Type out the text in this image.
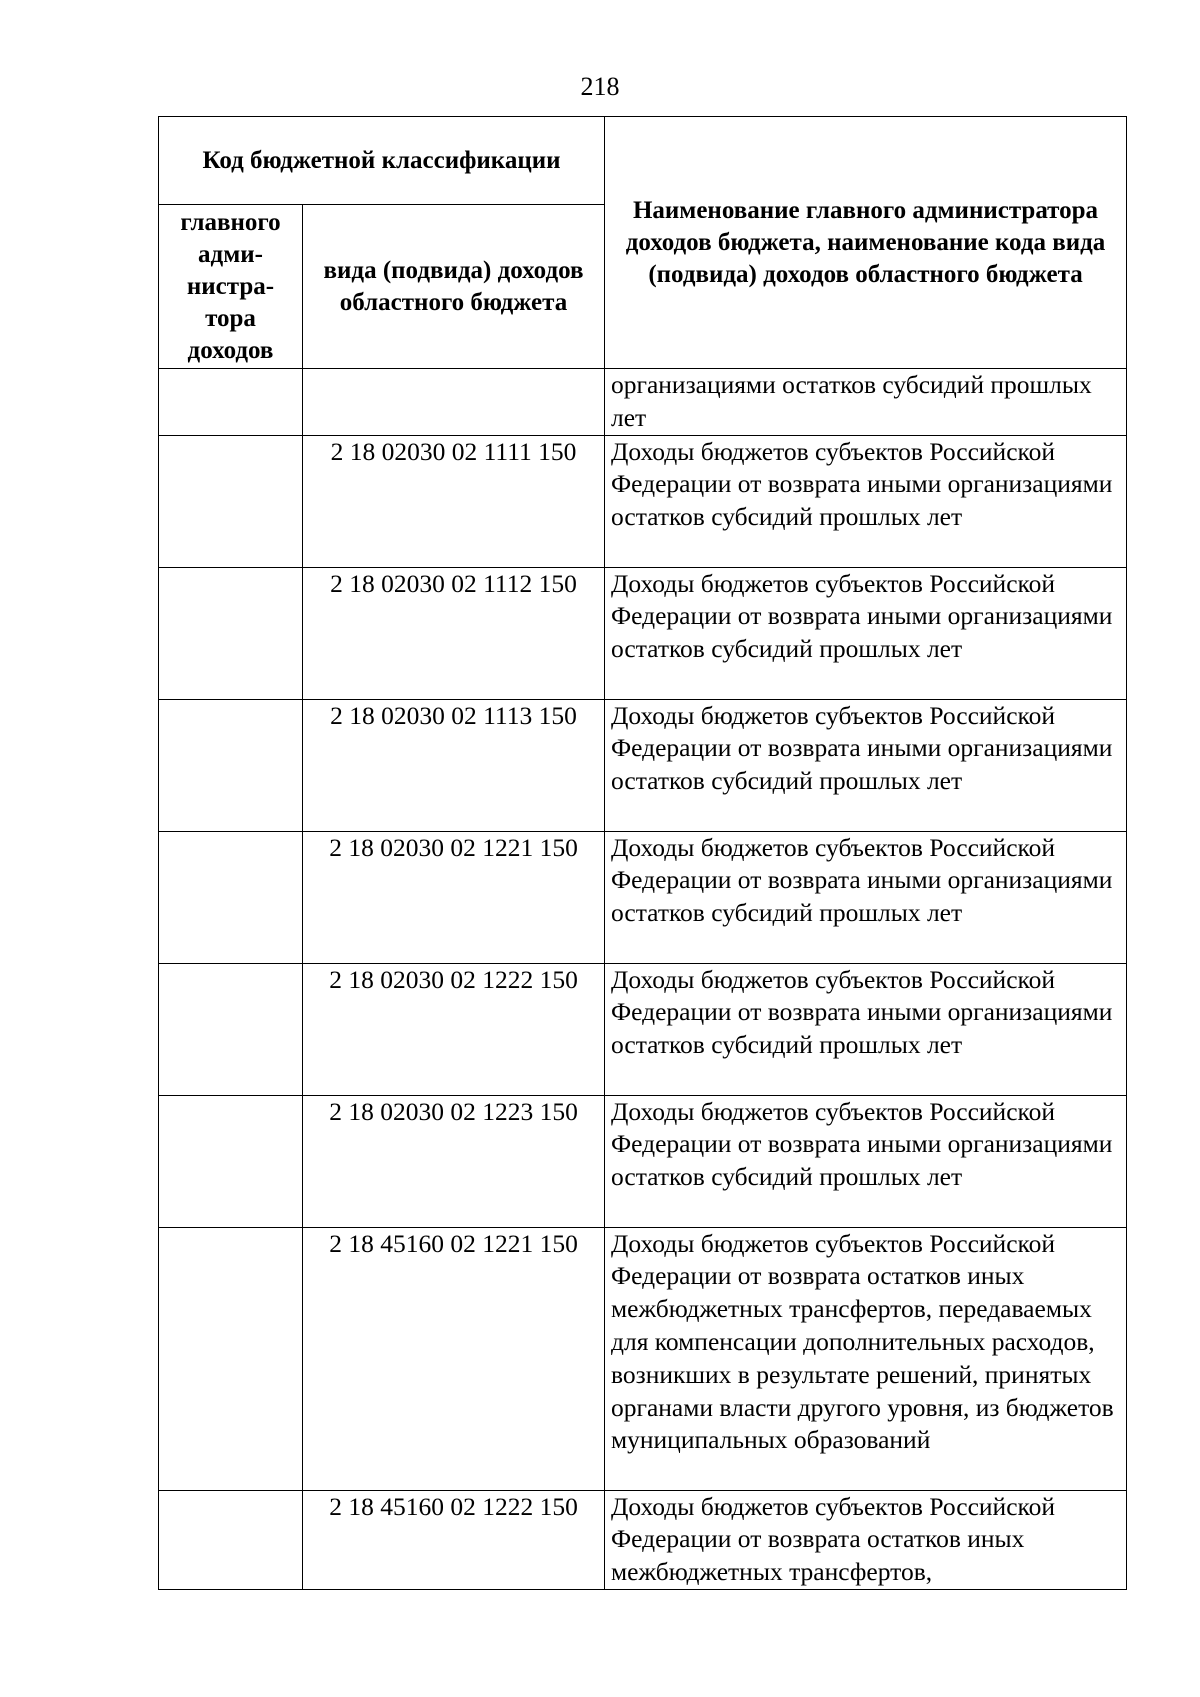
218
Код бюджетной классификации		Наименование главного администратора доходов бюджета, наименование кода вида (подвида) доходов областного бюджета
главного
адми-
нистра-
тора
доходов	вида (подвида) доходов областного бюджета	
		организациями остатков субсидий прошлых лет
	2 18 02030 02 1111 150	Доходы бюджетов субъектов Российской Федерации от возврата иными организациями остатков субсидий прошлых лет
	2 18 02030 02 1112 150	Доходы бюджетов субъектов Российской Федерации от возврата иными организациями остатков субсидий прошлых лет
	2 18 02030 02 1113 150	Доходы бюджетов субъектов Российской Федерации от возврата иными организациями остатков субсидий прошлых лет
	2 18 02030 02 1221 150	Доходы бюджетов субъектов Российской Федерации от возврата иными организациями остатков субсидий прошлых лет
	2 18 02030 02 1222 150	Доходы бюджетов субъектов Российской Федерации от возврата иными организациями остатков субсидий прошлых лет
	2 18 02030 02 1223 150	Доходы бюджетов субъектов Российской Федерации от возврата иными организациями остатков субсидий прошлых лет
	2 18 45160 02 1221 150	Доходы бюджетов субъектов Российской Федерации от возврата остатков иных межбюджетных трансфертов, передаваемых для компенсации дополнительных расходов, возникших в результате решений, принятых органами власти другого уровня, из бюджетов муниципальных образований
	2 18 45160 02 1222 150	Доходы бюджетов субъектов Российской Федерации от возврата остатков иных межбюджетных трансфертов,
